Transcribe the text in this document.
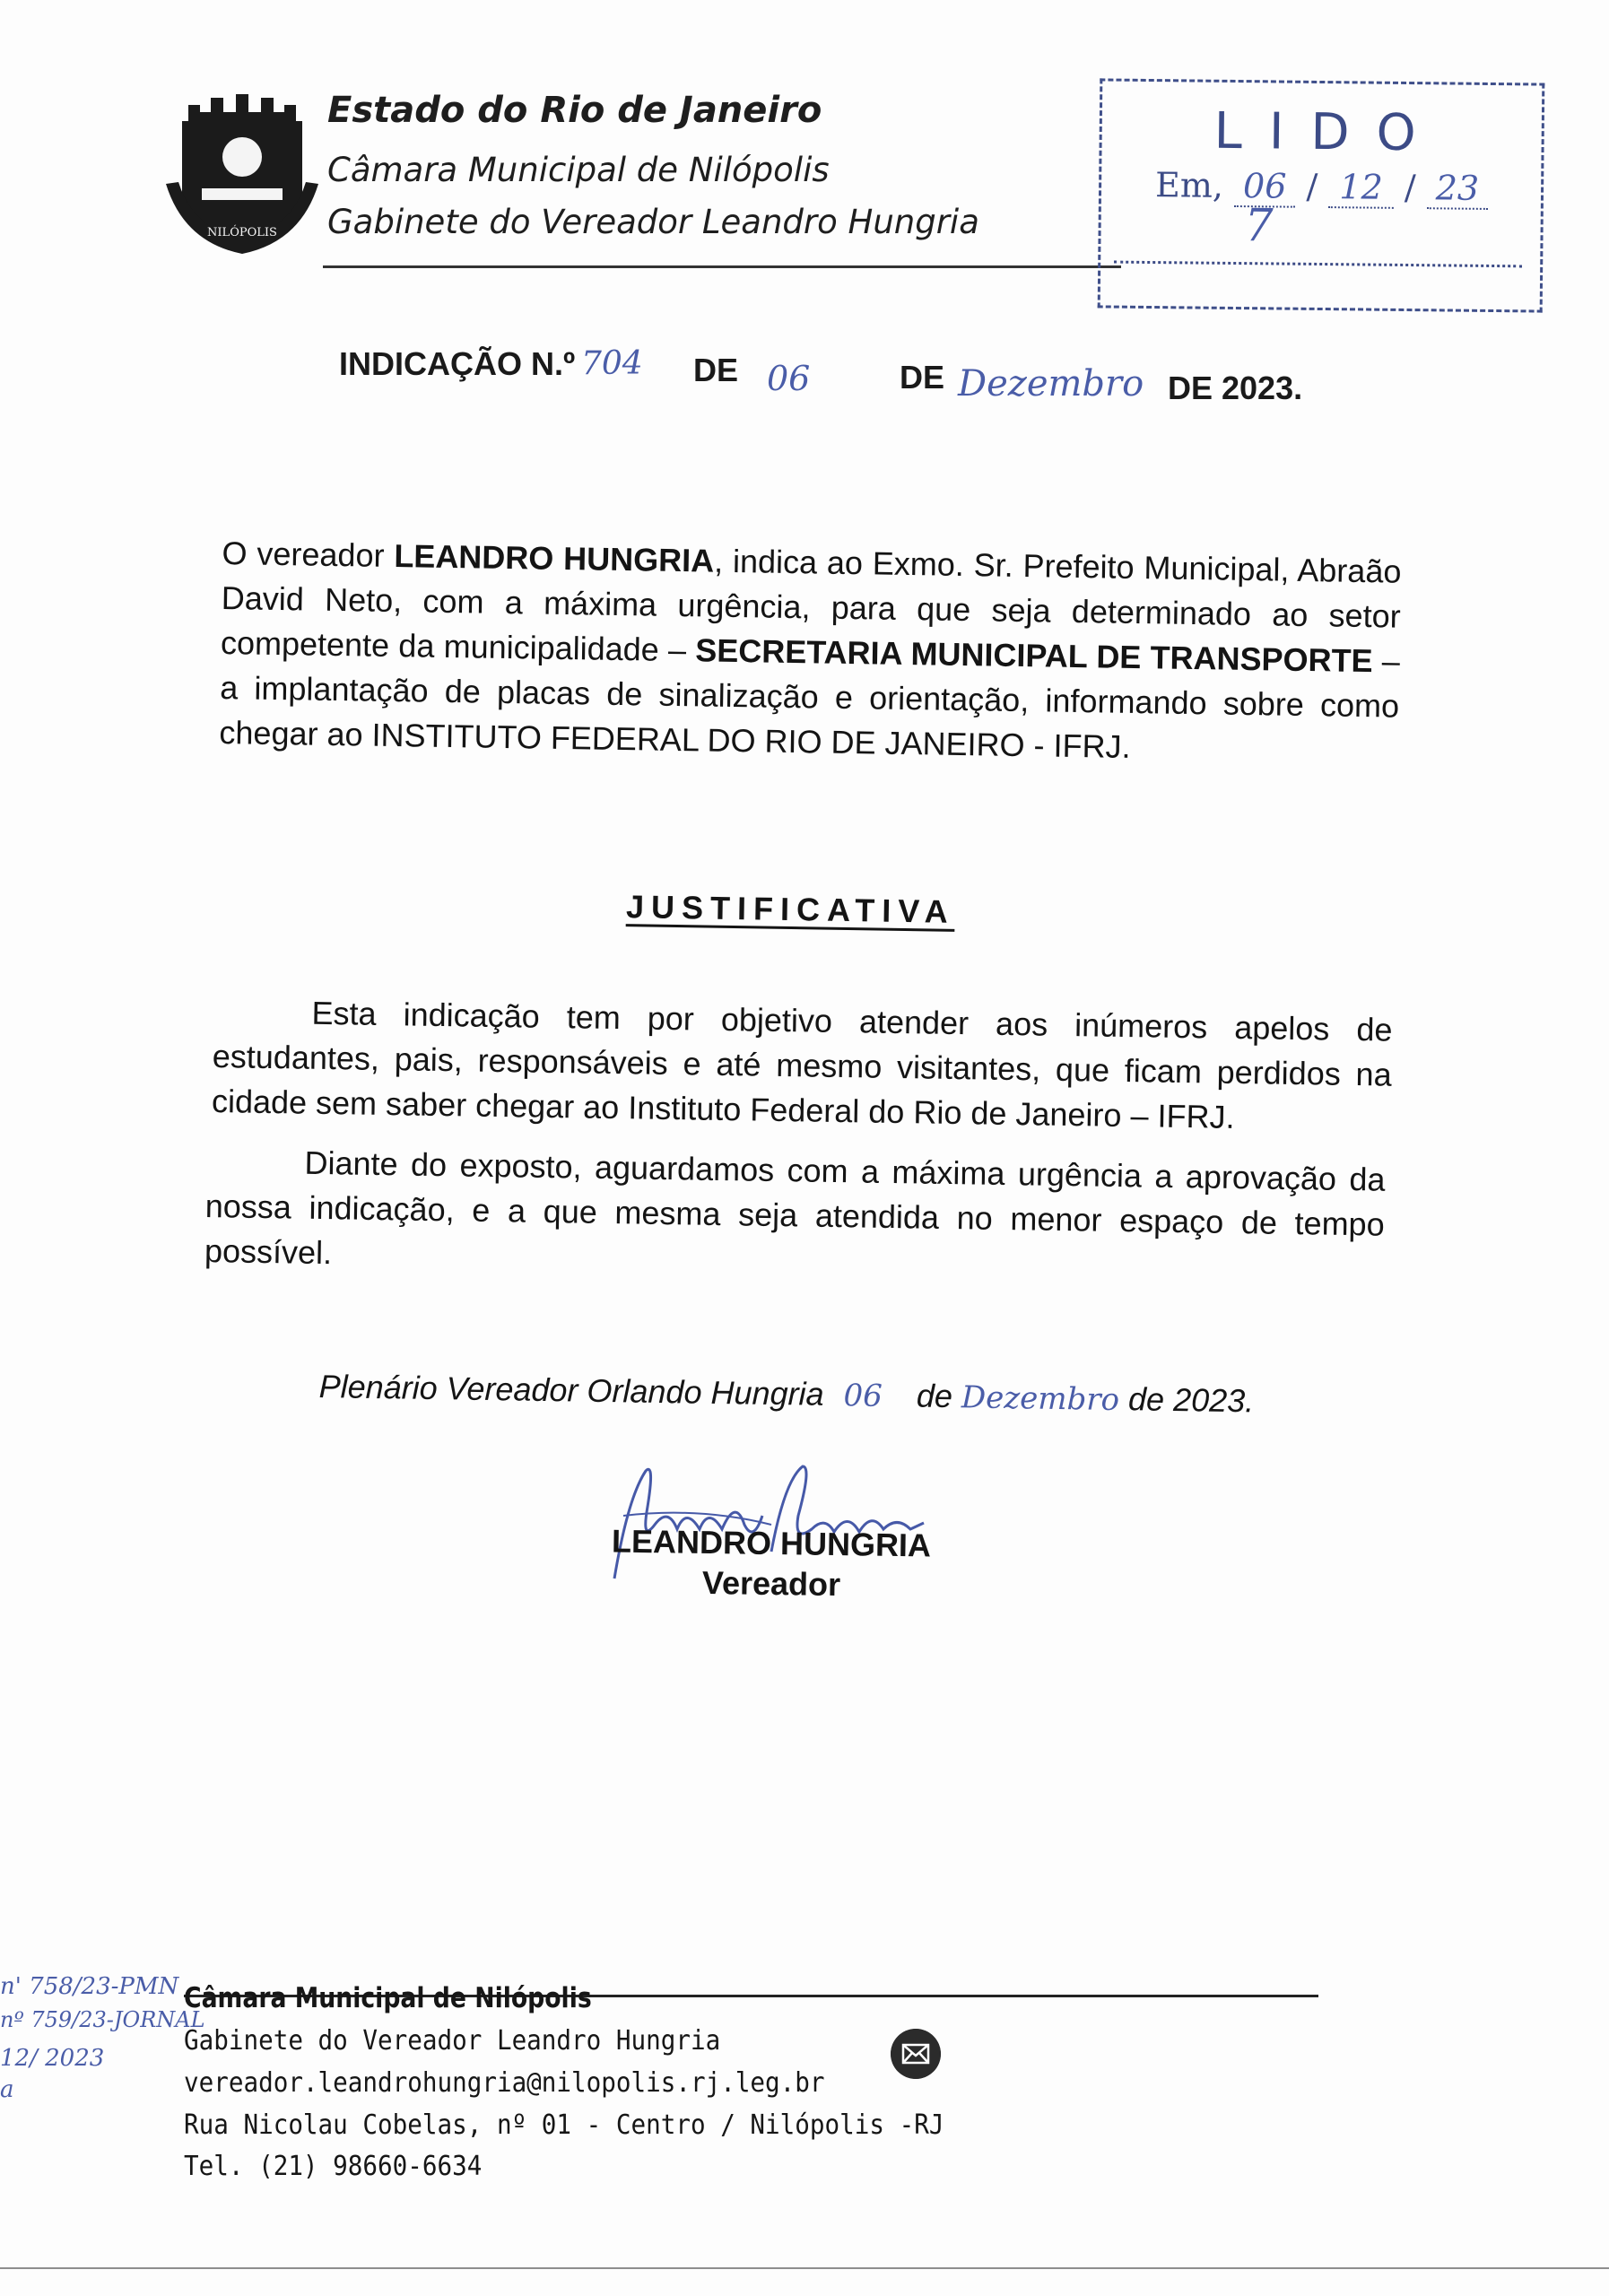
NILÓPOLIS
Estado do Rio de Janeiro
Câmara Municipal de Nilópolis
Gabinete do Vereador Leandro Hungria
LIDO
Em, 06 / 12 / 23
7
INDICAÇÃO N.º 704 DE 06	DE Dezembro DE 2023.
O vereador LEANDRO HUNGRIA, indica ao Exmo. Sr. Prefeito Municipal, Abraão David Neto, com a máxima urgência, para que seja determinado ao setor competente da municipalidade – SECRETARIA MUNICIPAL DE TRANSPORTE – a implantação de placas de sinalização e orientação, informando sobre como chegar ao INSTITUTO FEDERAL DO RIO DE JANEIRO - IFRJ.
JUSTIFICATIVA
Esta indicação tem por objetivo atender aos inúmeros apelos de estudantes, pais, responsáveis e até mesmo visitantes, que ficam perdidos na cidade sem saber chegar ao Instituto Federal do Rio de Janeiro – IFRJ.
Diante do exposto, aguardamos com a máxima urgência a aprovação da nossa indicação, e a que mesma seja atendida no menor espaço de tempo possível.
Plenário Vereador Orlando Hungria 06 de Dezembro de 2023.
LEANDRO HUNGRIA
Vereador
Câmara Municipal de Nilópolis
Gabinete do Vereador Leandro Hungria
vereador.leandrohungria@nilopolis.rj.leg.br
Rua Nicolau Cobelas, nº 01 - Centro / Nilópolis -RJ
Tel. (21) 98660-6634
n' 758/23-PMN
nº 759/23-JORNAL
12/ 2023
a
